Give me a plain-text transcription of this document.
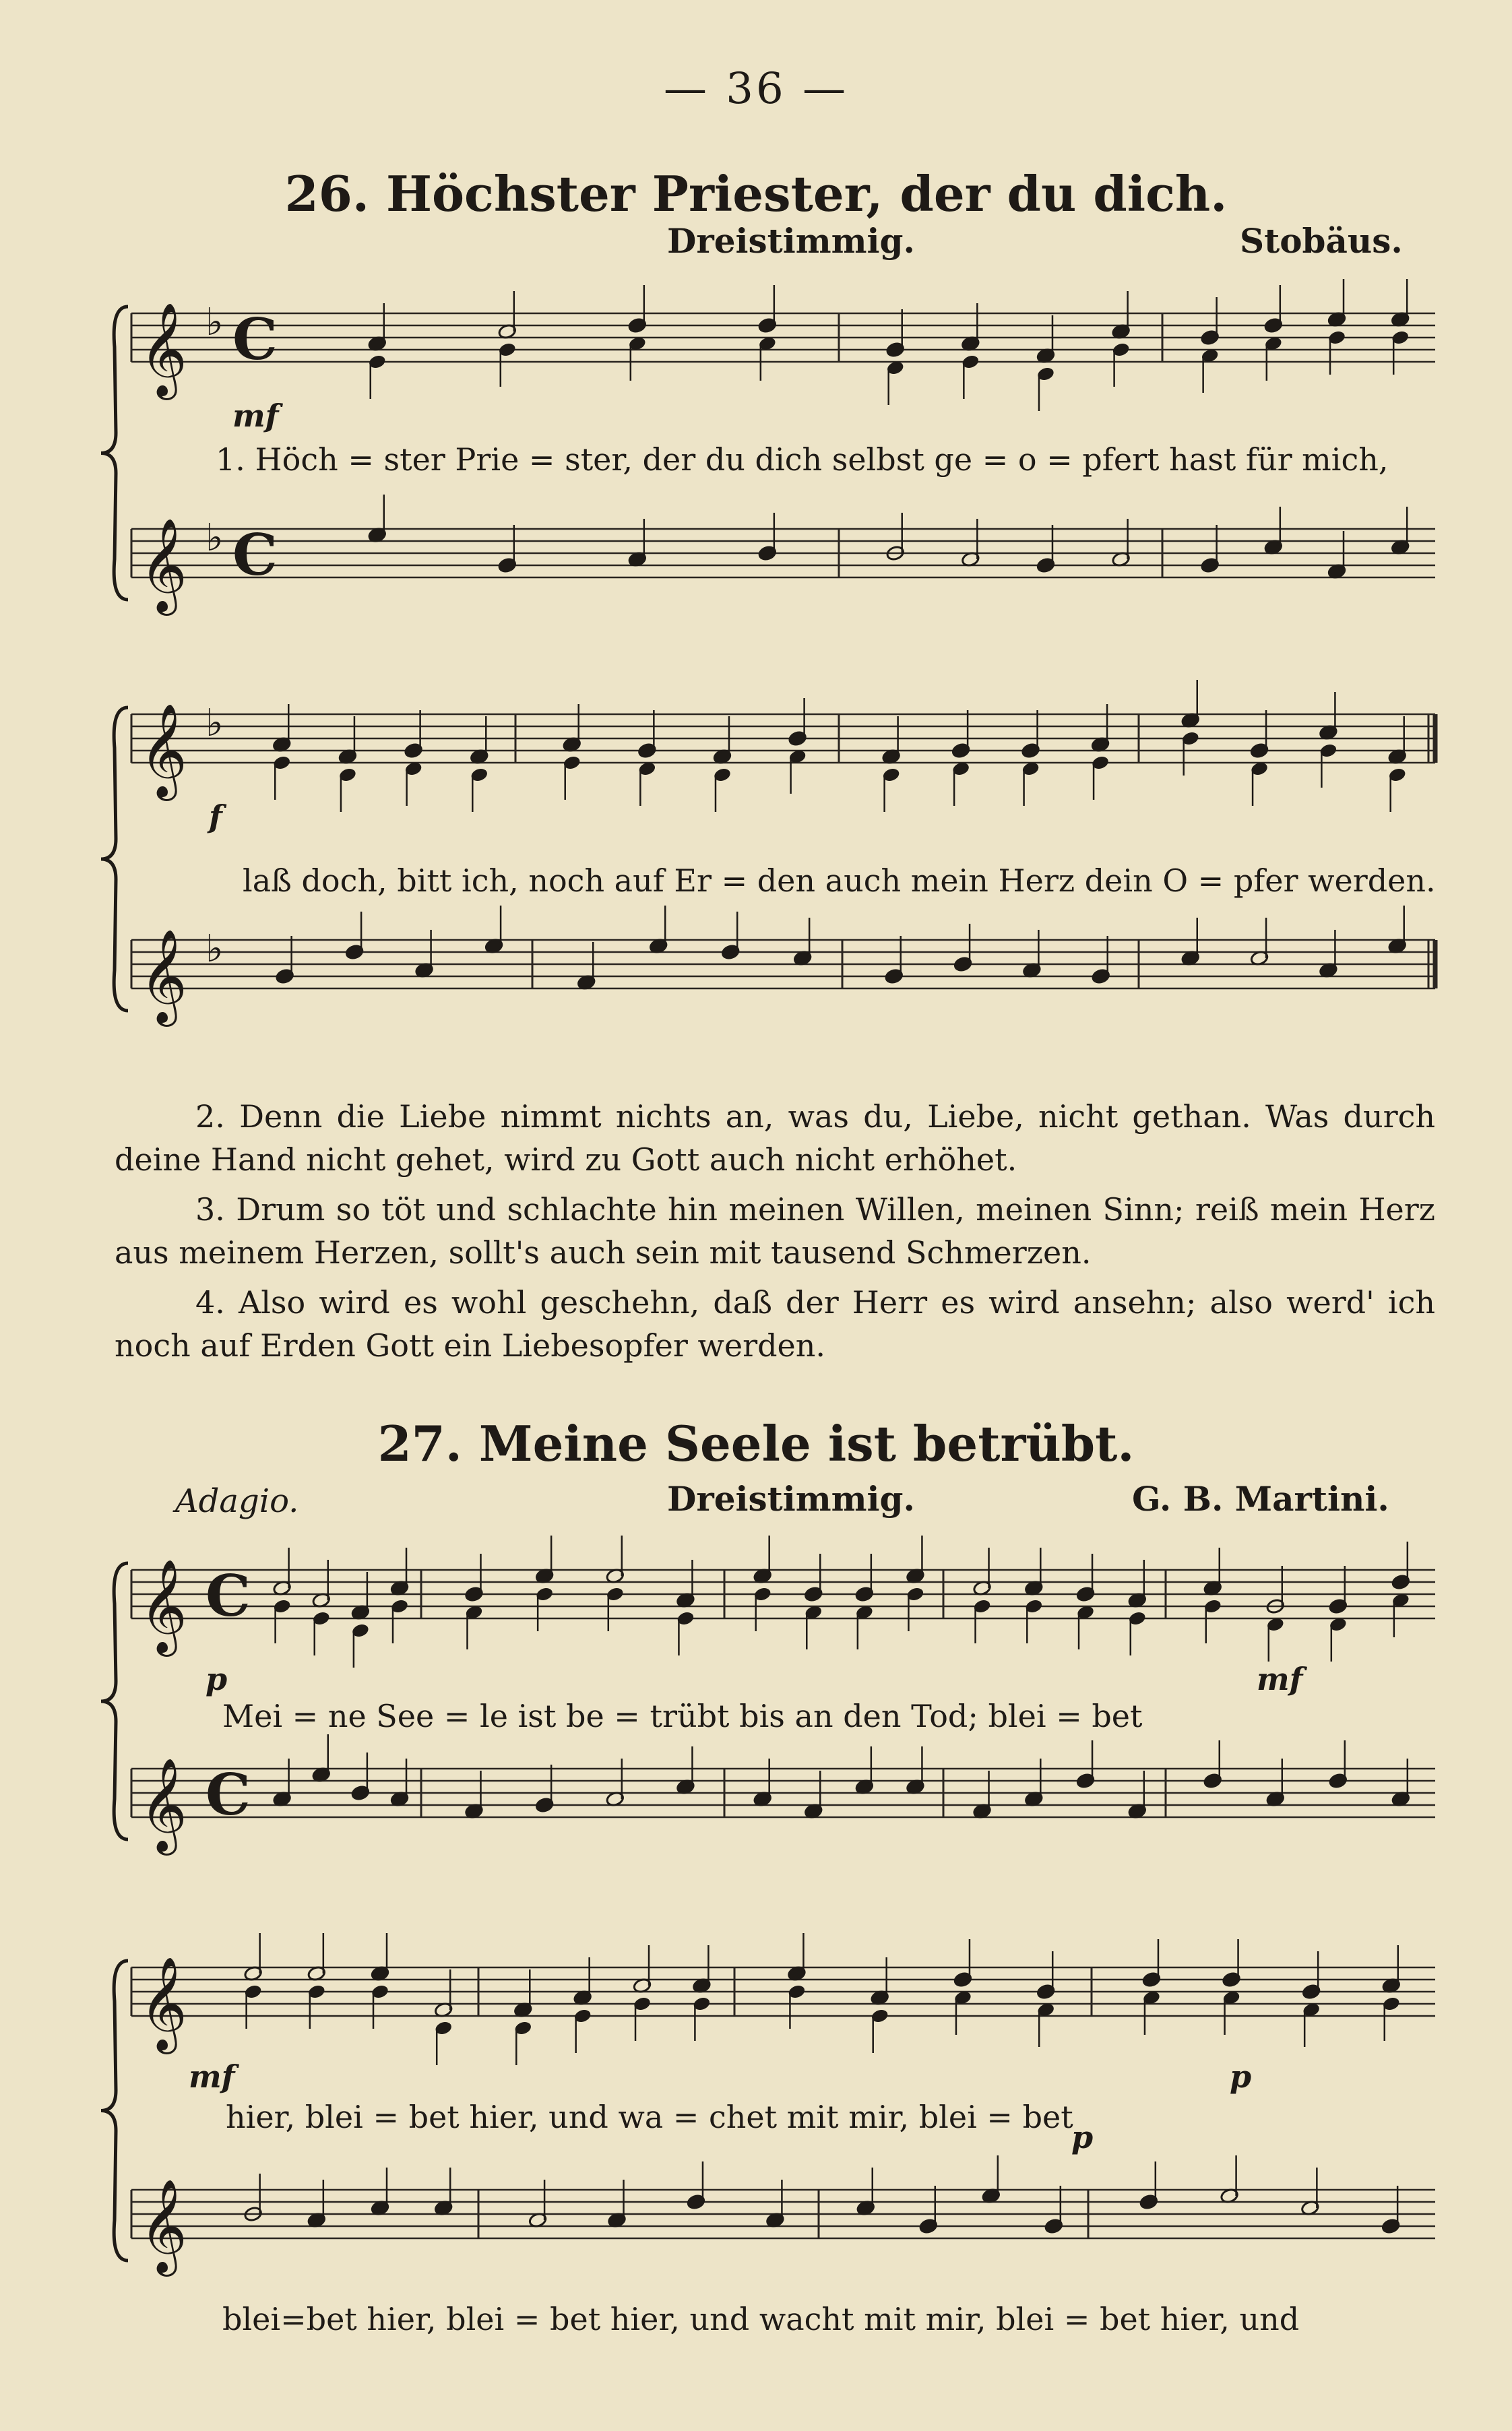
— 36 —
26. Höchster Priester, der du dich.
Dreistimmig.	Stobäus.
mf
1. Höch = ster Prie = ster, der du dich selbst ge = o = pfert hast für mich,
f
laß doch, bitt ich, noch auf Er = den auch mein Herz dein O = pfer werden.

2. Denn die Liebe nimmt nichts an, was du, Liebe, nicht gethan. Was durch deine Hand nicht gehet, wird zu Gott auch nicht erhöhet.

3. Drum so töt und schlachte hin meinen Willen, meinen Sinn; reiß mein Herz aus meinem Herzen, sollt's auch sein mit tausend Schmerzen.

4. Also wird es wohl geschehn, daß der Herr es wird ansehn; also werd' ich noch auf Erden Gott ein Liebesopfer werden.

27. Meine Seele ist betrübt.
Adagio.	Dreistimmig.	G. B. Martini.
p	mf
Mei = ne See = le ist be = trübt bis an den Tod; blei = bet
mf	p
hier, blei = bet hier, und wa = chet mit mir, blei = bet
p
blei=bet hier, blei = bet hier, und wacht mit mir, blei = bet hier, und
𝄞 ♭ C
𝄞 ♭ C
𝄞 ♭
𝄞 ♭
𝄞 C
𝄞 C
𝄞
𝄞
